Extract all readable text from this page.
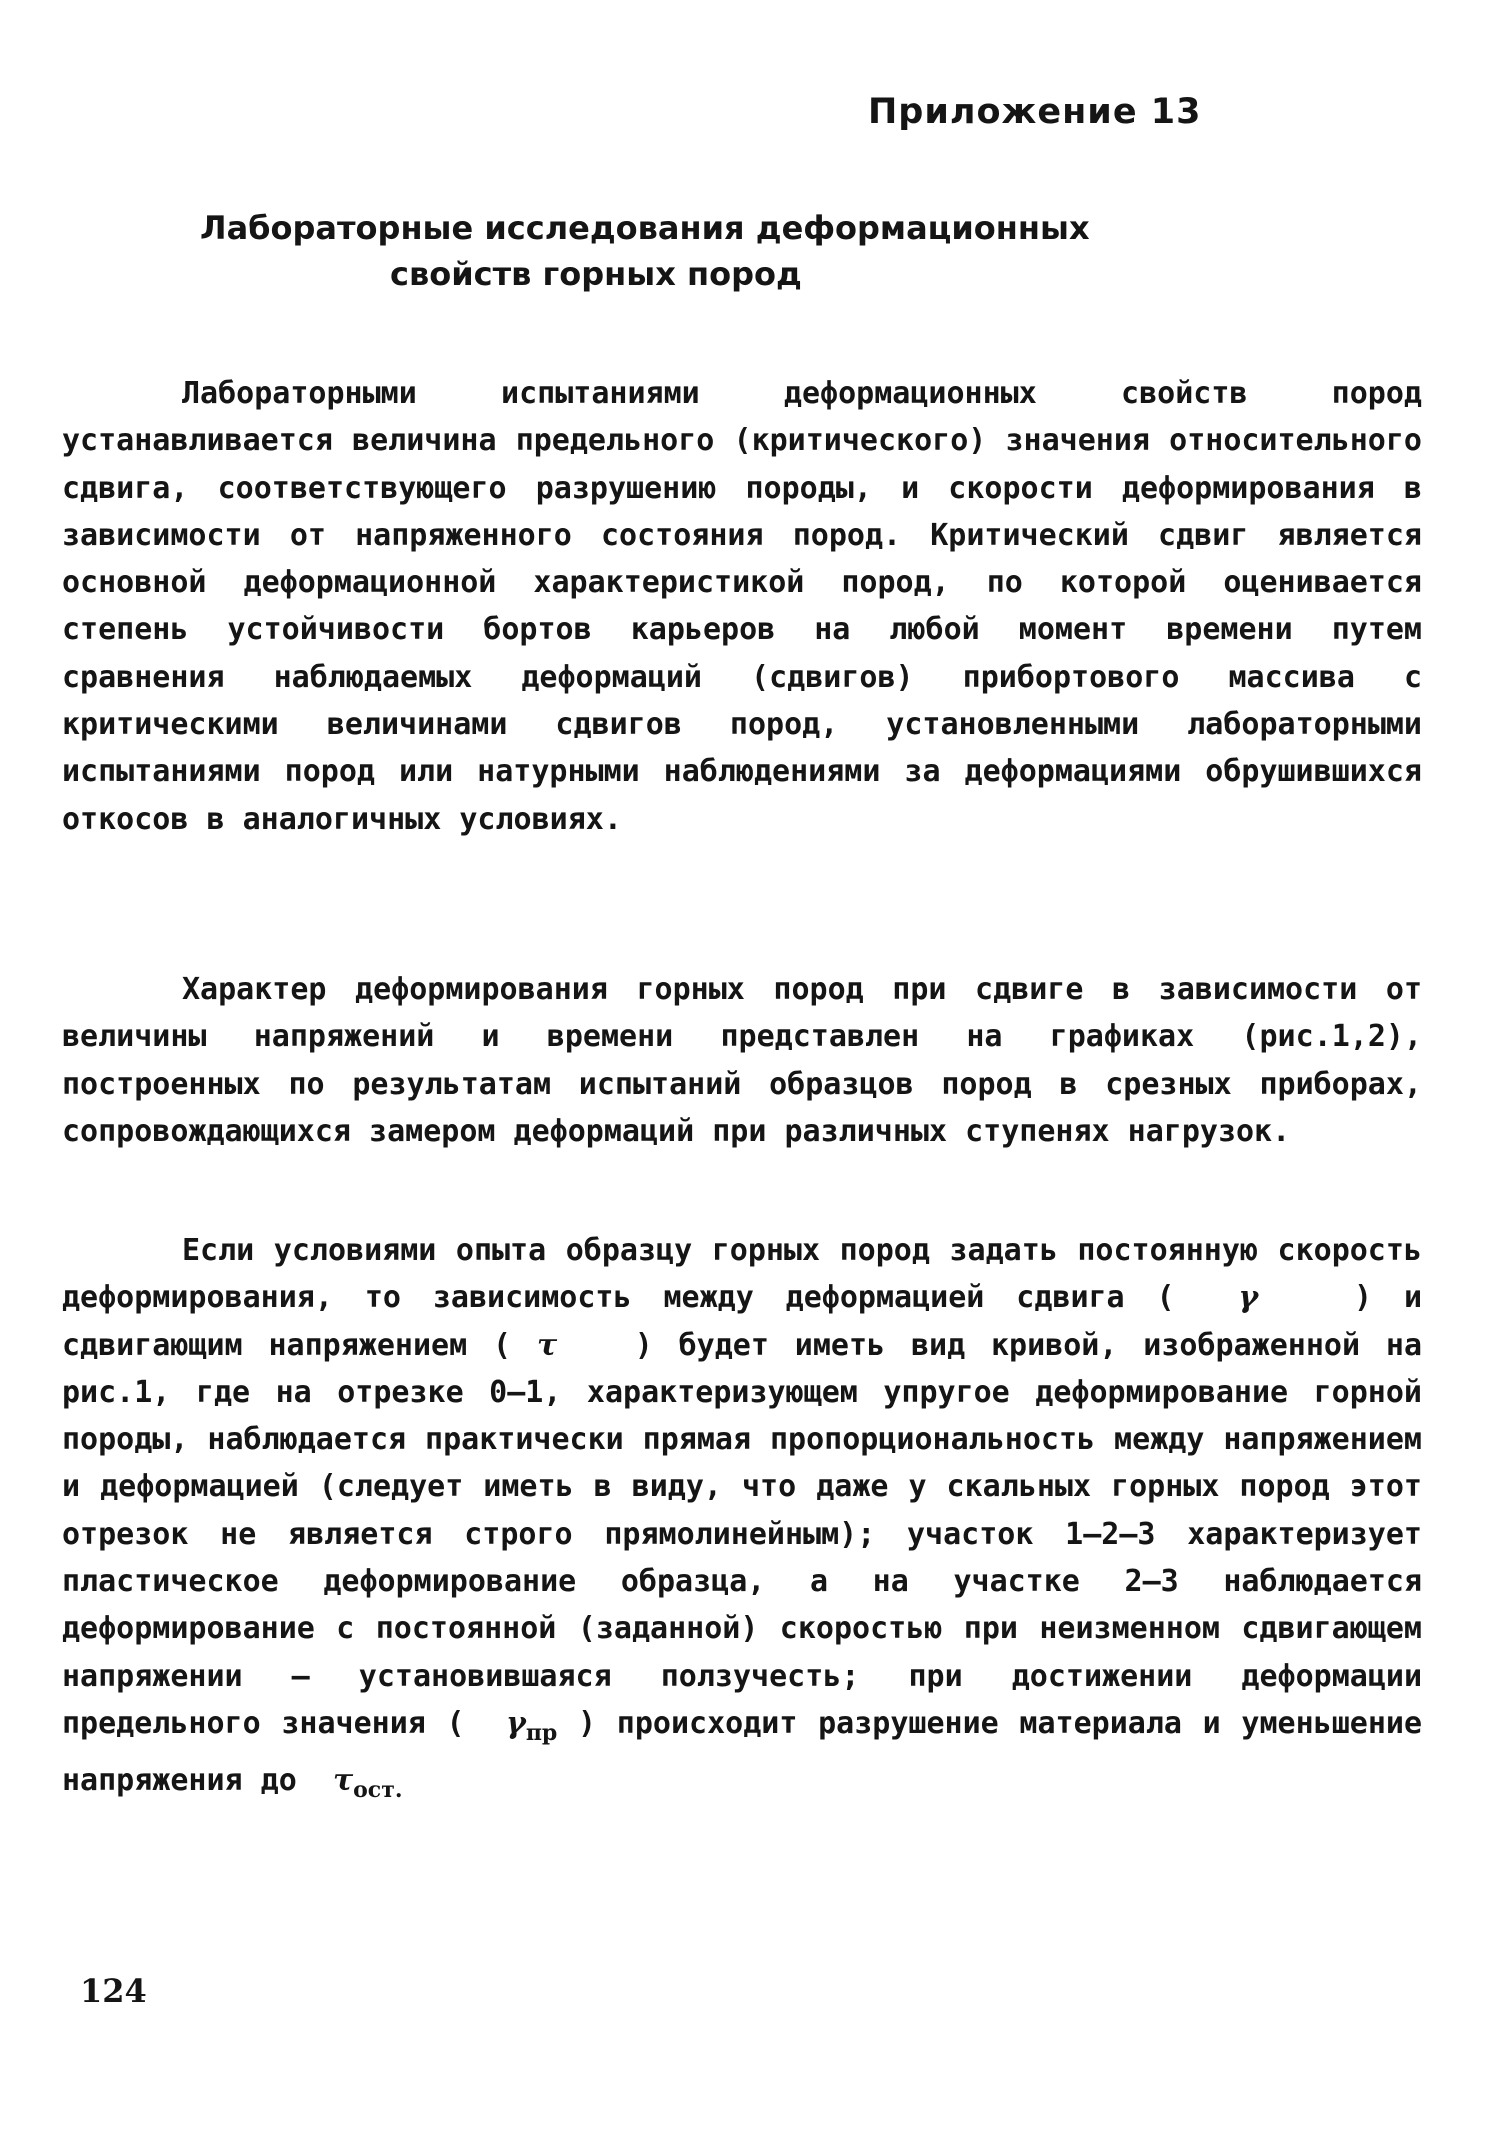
Приложение 13
Лабораторные исследования деформационных
свойств горных пород

Лабораторными испытаниями деформационных свойств пород устанавливается величина предельного (критического) значения относительного сдвига, соответствующего разрушению породы, и скорости деформирования в зависимости от напряженного состояния пород. Критический сдвиг является основной деформационной характеристикой пород, по которой оценивается степень устойчивости бортов карьеров на любой момент времени путем сравнения наблюдаемых деформаций (сдвигов) прибортового массива с критическими величинами сдвигов пород, установленными лабораторными испытаниями пород или натурными наблюдениями за деформациями обрушившихся откосов в аналогичных условиях.

Характер деформирования горных пород при сдвиге в зависимости от величины напряжений и времени представлен на графиках (рис.1,2), построенных по результатам испытаний образцов пород в срезных приборах, сопровождающихся замером деформаций при различных ступенях нагрузок.

Если условиями опыта образцу горных пород задать постоянную скорость деформирования, то зависимость между деформацией сдвига ( γ	) и сдвигающим напряжением ( τ	) будет иметь вид кривой, изображенной на рис.1, где на отрезке 0–1, характеризующем упругое деформирование горной породы, наблюдается практически прямая пропорциональность между напряжением и деформацией (следует иметь в виду, что даже у скальных горных пород этот отрезок не является строго прямолинейным); участок 1–2–3 характеризует пластическое деформирование образца, а на участке 2–3 наблюдается деформирование с постоянной (заданной) скоростью при неизменном сдвигающем напряжении – установившаяся ползучесть; при достижении деформации предельного значения ( $\gamma_{пр}$ ) происходит разрушение материала и уменьшение напряжения до $\tau_{ост.}$

124
